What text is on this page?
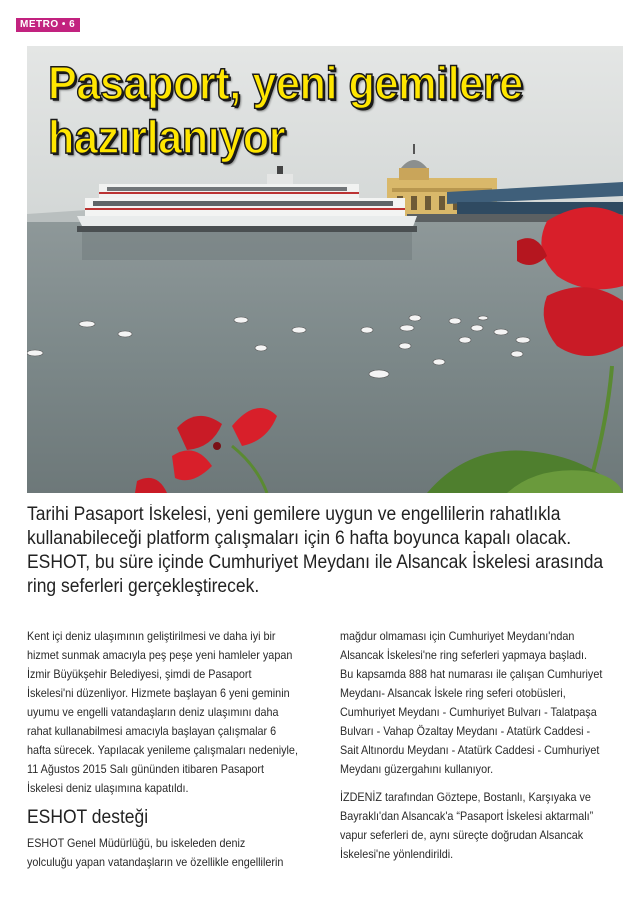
METRO • 6
Pasaport, yeni gemilere
hazırlanıyor
Tarihi Pasaport İskelesi, yeni gemilere uygun ve engellilerin rahatlıkla
kullanabileceği platform çalışmaları için 6 hafta boyunca kapalı olacak.
ESHOT, bu süre içinde Cumhuriyet Meydanı ile Alsancak İskelesi arasında
ring seferleri gerçekleştirecek.
Kent içi deniz ulaşımının geliştirilmesi ve daha iyi bir
hizmet sunmak amacıyla peş peşe yeni hamleler yapan
İzmir Büyükşehir Belediyesi, şimdi de Pasaport
İskelesi'ni düzenliyor. Hizmete başlayan 6 yeni geminin
uyumu ve engelli vatandaşların deniz ulaşımını daha
rahat kullanabilmesi amacıyla başlayan çalışmalar 6
hafta sürecek. Yapılacak yenileme çalışmaları nedeniyle,
11 Ağustos 2015 Salı gününden itibaren Pasaport
İskelesi deniz ulaşımına kapatıldı.
ESHOT desteği
ESHOT Genel Müdürlüğü, bu iskeleden deniz
yolculuğu yapan vatandaşların ve özellikle engellilerin
mağdur olmaması için Cumhuriyet Meydanı'ndan
Alsancak İskelesi'ne ring seferleri yapmaya başladı.
Bu kapsamda 888 hat numarası ile çalışan Cumhuriyet
Meydanı- Alsancak İskele ring seferi otobüsleri,
Cumhuriyet Meydanı - Cumhuriyet Bulvarı - Talatpaşa
Bulvarı - Vahap Özaltay Meydanı - Atatürk Caddesi -
Sait Altınordu Meydanı - Atatürk Caddesi - Cumhuriyet
Meydanı güzergahını kullanıyor.
İZDENİZ tarafından Göztepe, Bostanlı, Karşıyaka ve
Bayraklı'dan Alsancak'a “Pasaport İskelesi aktarmalı”
vapur seferleri de, aynı süreçte doğrudan Alsancak
İskelesi'ne yönlendirildi.
